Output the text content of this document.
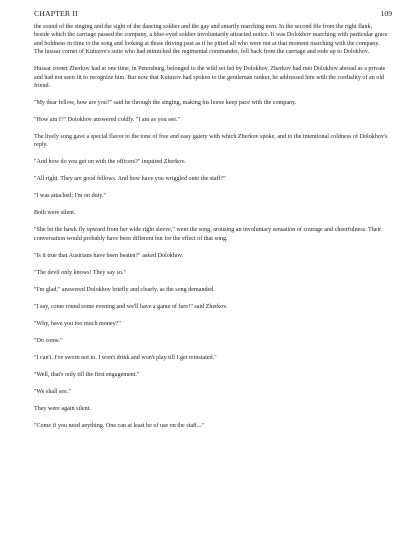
CHAPTER II	109

the sound of the singing and the sight of the dancing soldier and the gay and smartly marching men. In the second file from the right flank, beside which the carriage passed the company, a blue-eyed soldier involuntarily attracted notice. It was Dolokhov marching with particular grace and boldness in time to the song and looking at those driving past as if he pitied all who were not at that moment marching with the company. The hussar cornet of Kutuzov's suite who had mimicked the regimental commander, fell back from the carriage and rode up to Dolokhov.

Hussar cornet Zherkov had at one time, in Petersburg, belonged to the wild set led by Dolokhov. Zherkov had met Dolokhov abroad as a private and had not seen fit to recognize him. But now that Kutuzov had spoken to the gentleman ranker, he addressed him with the cordiality of an old friend.

"My dear fellow, how are you?" said he through the singing, making his horse keep pace with the company.

"How am I?" Dolokhov answered coldly. "I am as you see."

The lively song gave a special flavor to the tone of free and easy gaiety with which Zherkov spoke, and to the intentional coldness of Dolokhov's reply.

"And how do you get on with the officers?" inquired Zherkov.

"All right. They are good fellows. And how have you wriggled onto the staff?"

"I was attached; I'm on duty."

Both were silent.

"She let the hawk fly upward from her wide right sleeve," went the song, arousing an involuntary sensation of courage and cheerfulness. Their conversation would probably have been different but for the effect of that song.

"Is it true that Austrians have been beaten?" asked Dolokhov.

"The devil only knows! They say so."

"I'm glad," answered Dolokhov briefly and clearly, as the song demanded.

"I say, come round some evening and we'll have a game of faro!" said Zherkov.

"Why, have you too much money?"

"Do come."

"I can't. I've sworn not to. I won't drink and won't play till I get reinstated."

"Well, that's only till the first engagement."

"We shall see."

They were again silent.

"Come if you need anything. One can at least be of use on the staff..."
